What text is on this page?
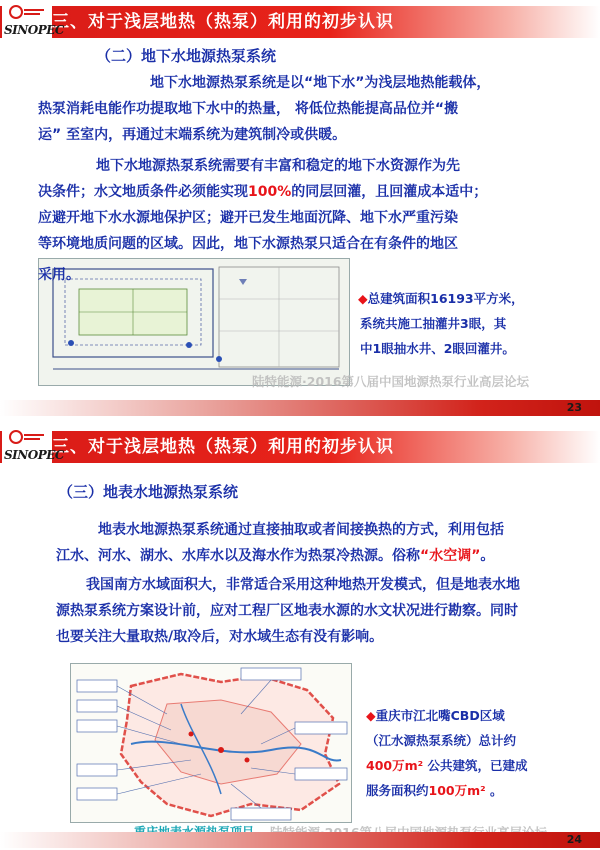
三、对于浅层地热（热泵）利用的初步认识
SINOPEC
（二）地下水地源热泵系统
地下水地源热泵系统是以“地下水”为浅层地热能载体，
热泵消耗电能作功提取地下水中的热量， 将低位热能提高品位并“搬
运” 至室内，再通过末端系统为建筑制冷或供暖。
地下水地源热泵系统需要有丰富和稳定的地下水资源作为先
决条件；水文地质条件必须能实现100%的同层回灌，且回灌成本适中；
应避开地下水水源地保护区；避开已发生地面沉降、地下水严重污染
等环境地质问题的区域。因此，地下水源热泵只适合在有条件的地区
采用。
◆总建筑面积16193平方米，
系统共施工抽灌井3眼，其
中1眼抽水井、2眼回灌井。
陆特能源·2016第八届中国地源热泵行业高层论坛
23
三、对于浅层地热（热泵）利用的初步认识
SINOPEC
（三）地表水地源热泵系统
地表水地源热泵系统通过直接抽取或者间接换热的方式，利用包括
江水、河水、湖水、水库水以及海水作为热泵冷热源。俗称“水空调”。
我国南方水域面积大，非常适合采用这种地热开发模式，但是地表水地
源热泵系统方案设计前，应对工程厂区地表水源的水文状况进行勘察。同时
也要关注大量取热/取冷后，对水域生态有没有影响。
◆重庆市江北嘴CBD区域
（江水源热泵系统）总计约
400万m² 公共建筑，已建成
服务面积约100万m² 。
24
